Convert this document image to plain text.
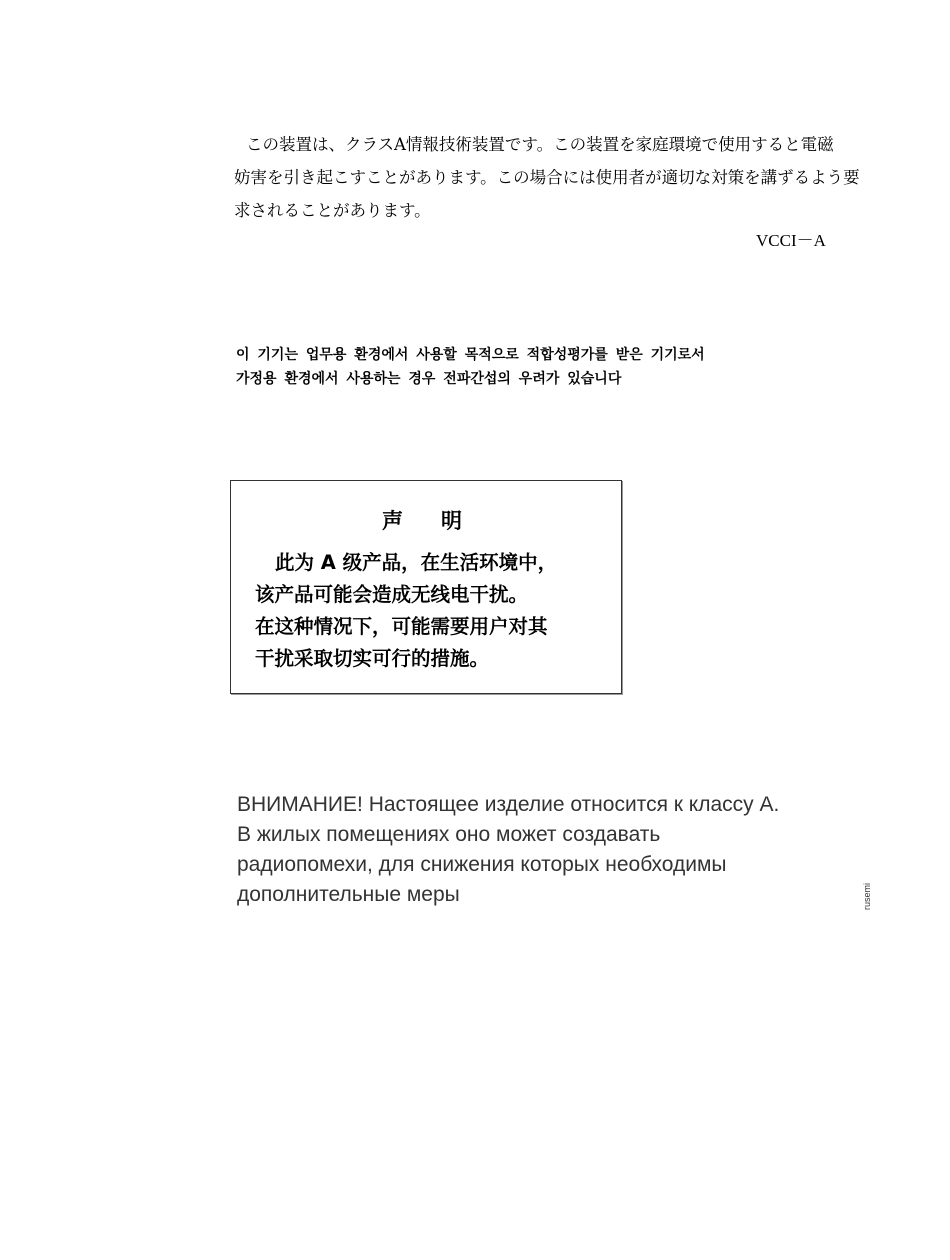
この装置は、クラスA情報技術装置です。この装置を家庭環境で使用すると電磁
妨害を引き起こすことがあります。この場合には使用者が適切な対策を講ずるよう要
求されることがあります。
VCCI－A
이 기기는 업무용 환경에서 사용할 목적으로 적합성평가를 받은 기기로서
가정용 환경에서 사용하는 경우 전파간섭의 우려가 있습니다
声明
此为 A 级产品，在生活环境中，
该产品可能会造成无线电干扰。
在这种情况下，可能需要用户对其
干扰采取切实可行的措施。
ВНИМАНИЕ! Настоящее изделие относится к классу А.
В жилых помещениях оно может создавать
радиопомехи, для снижения которых необходимы
дополнительные меры	rusemi
